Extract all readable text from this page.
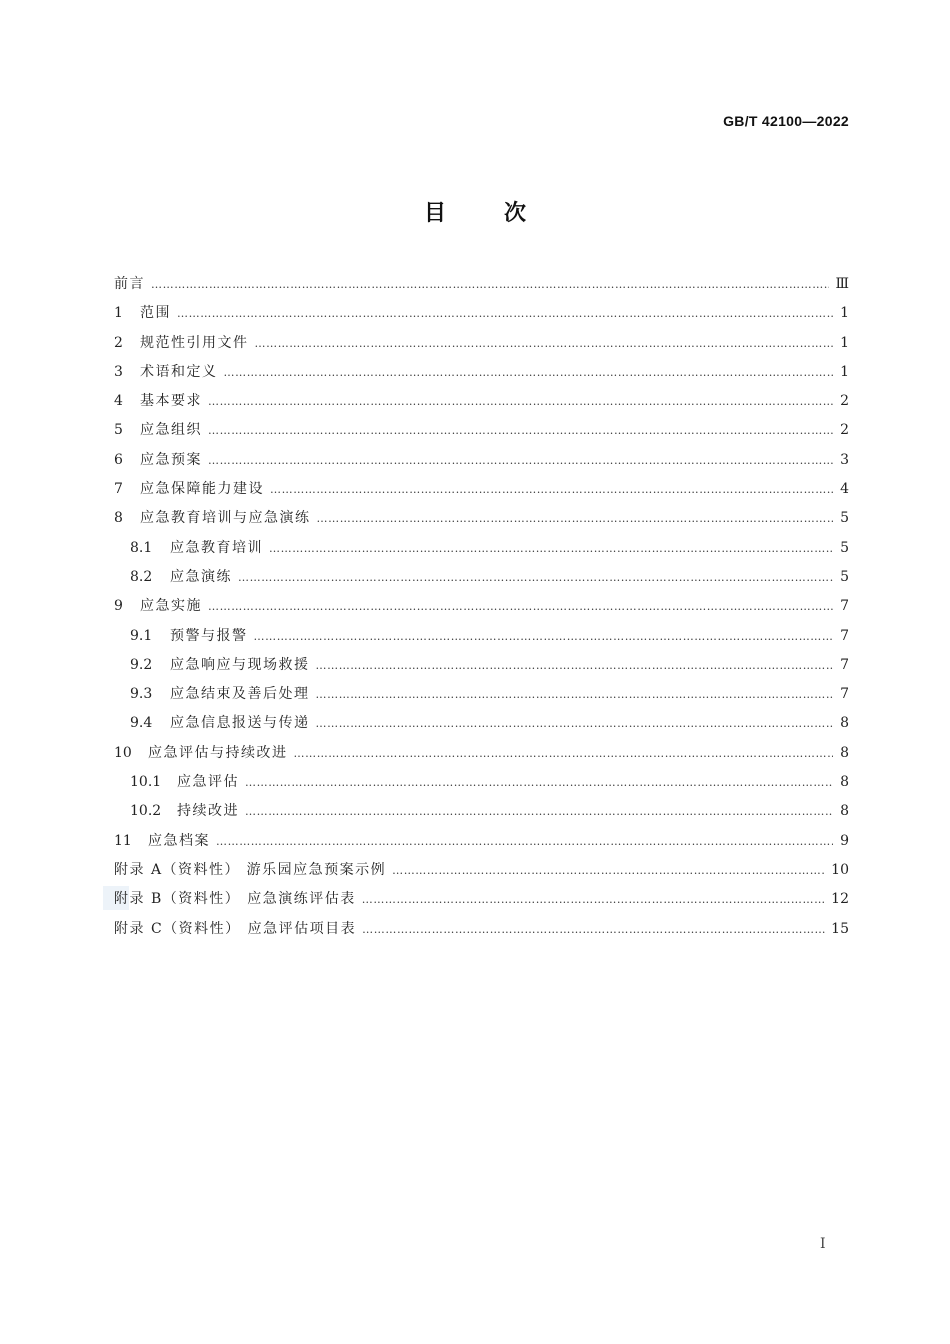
GB/T 42100—2022
目次
前言 ……………………………………………………………………………………………………………………………………………………………………………………………………………………	Ⅲ
1 范围 ……………………………………………………………………………………………………………………………………………………………………………………………………………………	1
2 规范性引用文件 ……………………………………………………………………………………………………………………………………………………………………………………………………………………	1
3 术语和定义 ……………………………………………………………………………………………………………………………………………………………………………………………………………………	1
4 基本要求 ……………………………………………………………………………………………………………………………………………………………………………………………………………………	2
5 应急组织 ……………………………………………………………………………………………………………………………………………………………………………………………………………………	2
6 应急预案 ……………………………………………………………………………………………………………………………………………………………………………………………………………………	3
7 应急保障能力建设 ……………………………………………………………………………………………………………………………………………………………………………………………………………………	4
8 应急教育培训与应急演练 ……………………………………………………………………………………………………………………………………………………………………………………………………………………	5
8.1 应急教育培训 ……………………………………………………………………………………………………………………………………………………………………………………………………………………	5
8.2 应急演练 ……………………………………………………………………………………………………………………………………………………………………………………………………………………	5
9 应急实施 ……………………………………………………………………………………………………………………………………………………………………………………………………………………	7
9.1 预警与报警 ……………………………………………………………………………………………………………………………………………………………………………………………………………………	7
9.2 应急响应与现场救援 ……………………………………………………………………………………………………………………………………………………………………………………………………………………	7
9.3 应急结束及善后处理 ……………………………………………………………………………………………………………………………………………………………………………………………………………………	7
9.4 应急信息报送与传递 ……………………………………………………………………………………………………………………………………………………………………………………………………………………	8
10 应急评估与持续改进 ……………………………………………………………………………………………………………………………………………………………………………………………………………………	8
10.1 应急评估 ……………………………………………………………………………………………………………………………………………………………………………………………………………………	8
10.2 持续改进 ……………………………………………………………………………………………………………………………………………………………………………………………………………………	8
11 应急档案 ……………………………………………………………………………………………………………………………………………………………………………………………………………………	9
附录 A（资料性） 游乐园应急预案示例 ……………………………………………………………………………………………………………………………………………………………………………………………………………………	10
附录 B（资料性） 应急演练评估表 ……………………………………………………………………………………………………………………………………………………………………………………………………………………	12
附录 C（资料性） 应急评估项目表 ……………………………………………………………………………………………………………………………………………………………………………………………………………………	15
Ⅰ
